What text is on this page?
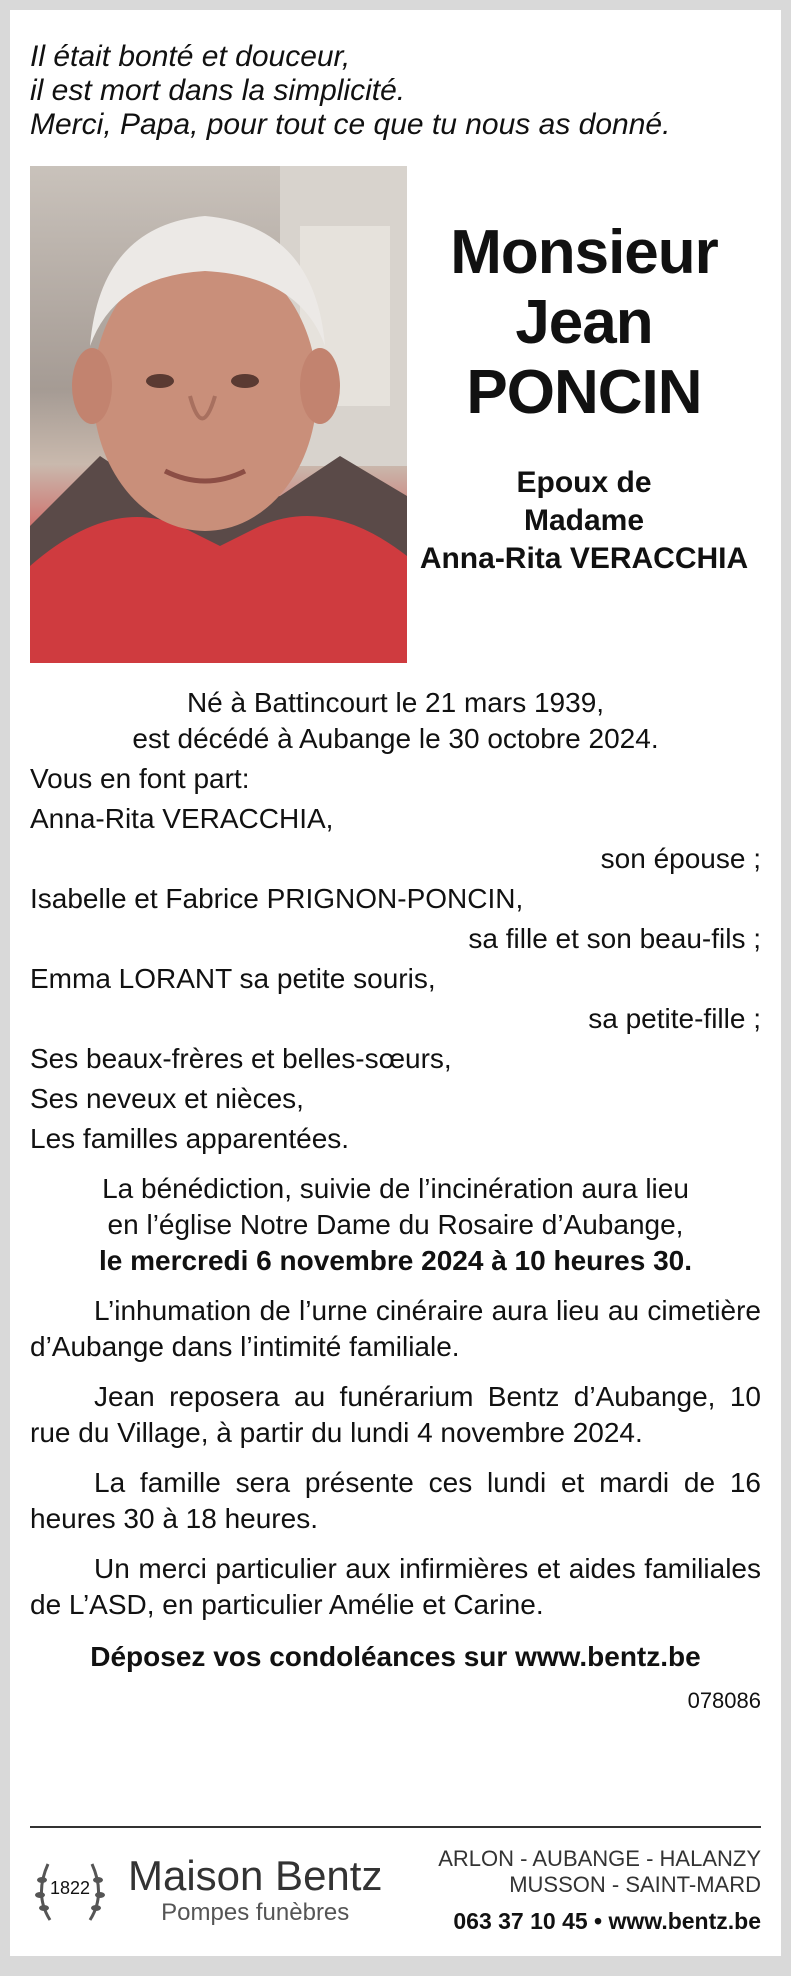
Il était bonté et douceur,
il est mort dans la simplicité.
Merci, Papa, pour tout ce que tu nous as donné.
Monsieur
Jean
PONCIN
Epoux de
Madame
Anna-Rita VERACCHIA
Né à Battincourt le 21 mars 1939,
est décédé à Aubange le 30 octobre 2024.
Vous en font part:
Anna-Rita VERACCHIA,
son épouse ;
Isabelle et Fabrice PRIGNON-PONCIN,
sa fille et son beau-fils ;
Emma LORANT sa petite souris,
sa petite-fille ;
Ses beaux-frères et belles-sœurs,
Ses neveux et nièces,
Les familles apparentées.
La bénédiction, suivie de l’incinération aura lieu
en l’église Notre Dame du Rosaire d’Aubange,
le mercredi 6 novembre 2024 à 10 heures 30.
L’inhumation de l’urne cinéraire aura lieu au cimetière d’Aubange dans l’intimité familiale.
Jean reposera au funérarium Bentz d’Aubange, 10 rue du Village, à partir du lundi 4 novembre 2024.
La famille sera présente ces lundi et mardi de 16 heures 30 à 18 heures.
Un merci particulier aux infirmières et aides familiales de L’ASD, en particulier Amélie et Carine.
Déposez vos condoléances sur www.bentz.be
078086
1822 Maison Bentz
Pompes funèbres
ARLON - AUBANGE - HALANZY
MUSSON - SAINT-MARD
063 37 10 45 • www.bentz.be
